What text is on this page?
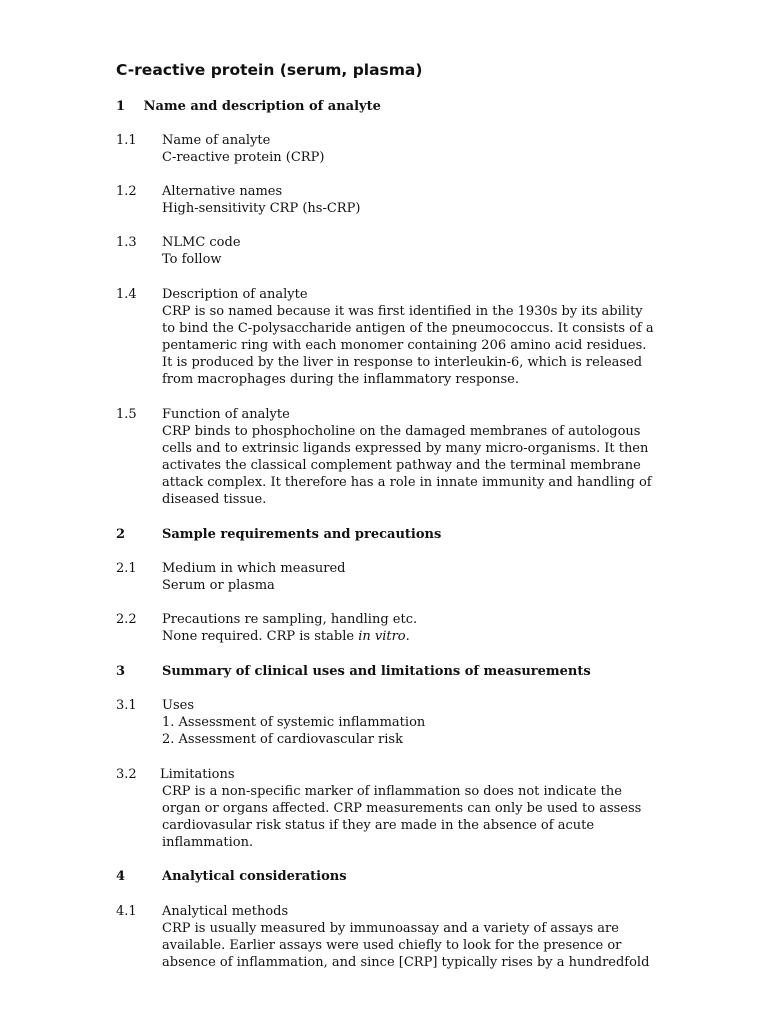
C-reactive protein (serum, plasma)
1 Name and description of analyte
1.1 Name of analyte
C-reactive protein (CRP)
1.2 Alternative names
High-sensitivity CRP (hs-CRP)
1.3 NLMC code
To follow
1.4 Description of analyte
CRP is so named because it was first identified in the 1930s by its ability
to bind the C-polysaccharide antigen of the pneumococcus. It consists of a
pentameric ring with each monomer containing 206 amino acid residues.
It is produced by the liver in response to interleukin-6, which is released
from macrophages during the inflammatory response.
1.5 Function of analyte
CRP binds to phosphocholine on the damaged membranes of autologous
cells and to extrinsic ligands expressed by many micro-organisms. It then
activates the classical complement pathway and the terminal membrane
attack complex. It therefore has a role in innate immunity and handling of
diseased tissue.
2	Sample requirements and precautions
2.1 Medium in which measured
Serum or plasma
2.2 Precautions re sampling, handling etc.
None required. CRP is stable in vitro.
3	Summary of clinical uses and limitations of measurements
3.1 Uses
1. Assessment of systemic inflammation
2. Assessment of cardiovascular risk
3.2 Limitations
CRP is a non-specific marker of inflammation so does not indicate the
organ or organs affected. CRP measurements can only be used to assess
cardiovasular risk status if they are made in the absence of acute
inflammation.
4	Analytical considerations
4.1 Analytical methods
CRP is usually measured by immunoassay and a variety of assays are
available. Earlier assays were used chiefly to look for the presence or
absence of inflammation, and since [CRP] typically rises by a hundredfold
